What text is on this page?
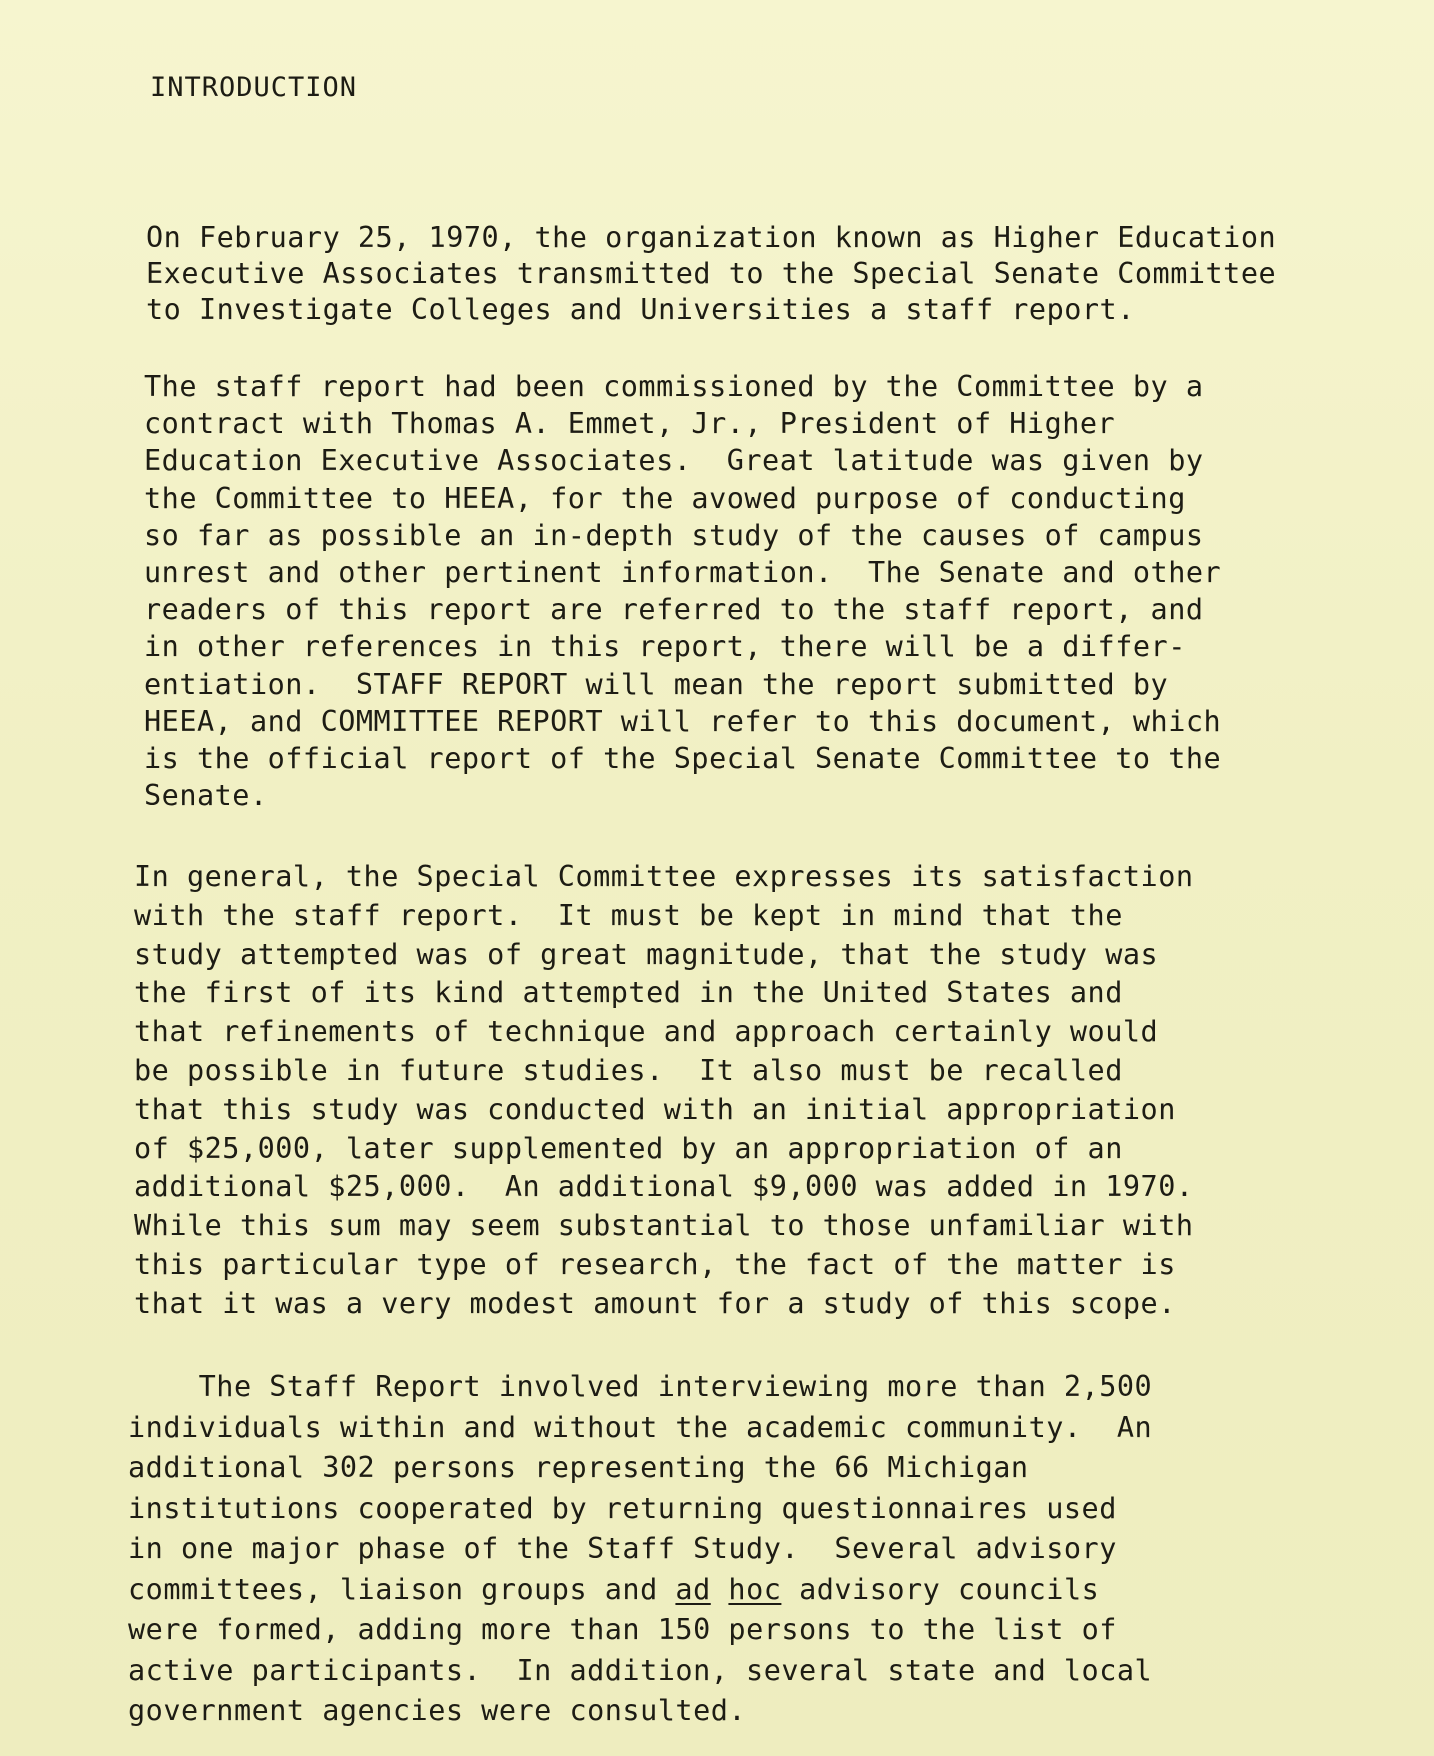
INTRODUCTION

On February 25, 1970, the organization known as Higher Education
Executive Associates transmitted to the Special Senate Committee
to Investigate Colleges and Universities a staff report.

The staff report had been commissioned by the Committee by a
contract with Thomas A. Emmet, Jr., President of Higher
Education Executive Associates.  Great latitude was given by
the Committee to HEEA, for the avowed purpose of conducting
so far as possible an in-depth study of the causes of campus
unrest and other pertinent information.  The Senate and other
readers of this report are referred to the staff report, and
in other references in this report, there will be a differ-
entiation.  STAFF REPORT will mean the report submitted by
HEEA, and COMMITTEE REPORT will refer to this document, which
is the official report of the Special Senate Committee to the
Senate.

In general, the Special Committee expresses its satisfaction
with the staff report.  It must be kept in mind that the
study attempted was of great magnitude, that the study was
the first of its kind attempted in the United States and
that refinements of technique and approach certainly would
be possible in future studies.  It also must be recalled
that this study was conducted with an initial appropriation
of $25,000, later supplemented by an appropriation of an
additional $25,000.  An additional $9,000 was added in 1970.
While this sum may seem substantial to those unfamiliar with
this particular type of research, the fact of the matter is
that it was a very modest amount for a study of this scope.

The Staff Report involved interviewing more than 2,500
individuals within and without the academic community.  An
additional 302 persons representing the 66 Michigan
institutions cooperated by returning questionnaires used
in one major phase of the Staff Study.  Several advisory
committees, liaison groups and ad hoc advisory councils
were formed, adding more than 150 persons to the list of
active participants.  In addition, several state and local
government agencies were consulted.
